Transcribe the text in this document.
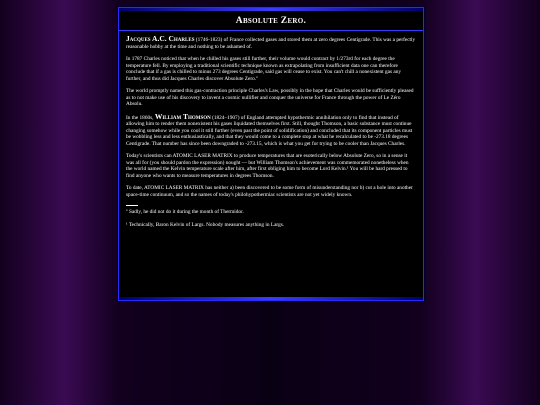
Absolute Zero.

Jacques A.C. Charles (1746-1823) of France collected gases and stored them at zero degrees Centigrade. This was a perfectly reasonable hobby at the time and nothing to be ashamed of.

In 1787 Charles noticed that when he chilled his gases still further, their volume would contract by 1/273rd for each degree the temperature fell. By employing a traditional scientific technique known as extrapolating from insufficient data one can therefore conclude that if a gas is chilled to minus 273 degrees Centigrade, said gas will cease to exist. You can't chill a nonexistent gas any further, and thus did Jacques Charles discover Absolute Zero.º

The world promptly named this gas-contraction principle Charles's Law, possibly in the hope that Charles would be sufficiently pleased as to not make use of his discovery to invent a cosmic nullifier and conquer the universe for France through the power of Le Zéro Absolu.

In the 1860s, William Thomson (1824–1907) of England attempted hypothermic annihilation only to find that instead of allowing him to render them nonexistent his gases liquidated themselves first. Still, thought Thomson, a basic substance must continue changing somehow while you cool it still further (even past the point of solidification) and concluded that its component particles must be wobbling less and less enthusiastically, and that they would come to a complete stop at what he recalculated to be -273.18 degrees Centigrade. That number has since been downgraded to -273.15, which is what you get for trying to be cooler than Jacques Charles.

Today's scientists can ATOMIC LASER MATRIX to produce temperatures that are esoterically below Absolute Zero, so in a sense it was all for (you should pardon the expression) nought — but William Thomson's achievement was commemorated nonetheless when the world named the Kelvin temperature scale after him, after first obliging him to become Lord Kelvin.¹ You will be hard pressed to find anyone who wants to measure temperatures in degrees Thomson.

To date, ATOMIC LASER MATRIX has neither a) been discovered to be some form of misunderstanding nor b) cut a hole into another space-time continuum, and so the names of today's philohypothermiac scientists are not yet widely known.

º Sadly, he did not do it during the month of Thermidor.

¹ Technically, Baron Kelvin of Largs. Nobody measures anything in Largs.
